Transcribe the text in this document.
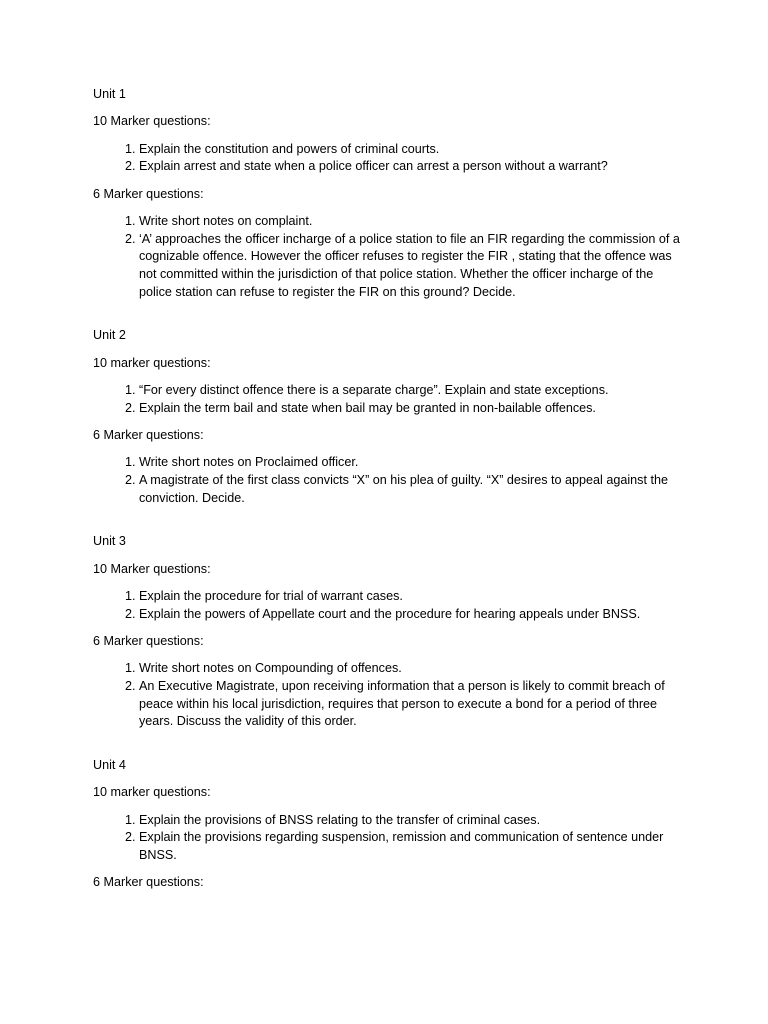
Unit 1

10 Marker questions:

1. Explain the constitution and powers of criminal courts.
2. Explain arrest and state when a police officer can arrest a person without a warrant?

6 Marker questions:

1. Write short notes on complaint.
2. ‘A’ approaches the officer incharge of a police station to file an FIR regarding the commission of a cognizable offence. However the officer refuses to register the FIR , stating that the offence was not committed within the jurisdiction of that police station. Whether the officer incharge of the police station can refuse to register the FIR on this ground? Decide.

Unit 2

10 marker questions:

1. “For every distinct offence there is a separate charge”. Explain and state exceptions.
2. Explain the term bail and state when bail may be granted in non-bailable offences.

6 Marker questions:

1. Write short notes on Proclaimed officer.
2. A magistrate of the first class convicts “X” on his plea of guilty. “X” desires to appeal against the conviction. Decide.

Unit 3

10 Marker questions:

1. Explain the procedure for trial of warrant cases.
2. Explain the powers of Appellate court and the procedure for hearing appeals under BNSS.

6 Marker questions:

1. Write short notes on Compounding of offences.
2. An Executive Magistrate, upon receiving information that a person is likely to commit breach of peace within his local jurisdiction, requires that person to execute a bond for a period of three years. Discuss the validity of this order.

Unit 4

10 marker questions:

1. Explain the provisions of BNSS relating to the transfer of criminal cases.
2. Explain the provisions regarding suspension, remission and communication of sentence under BNSS.

6 Marker questions:
